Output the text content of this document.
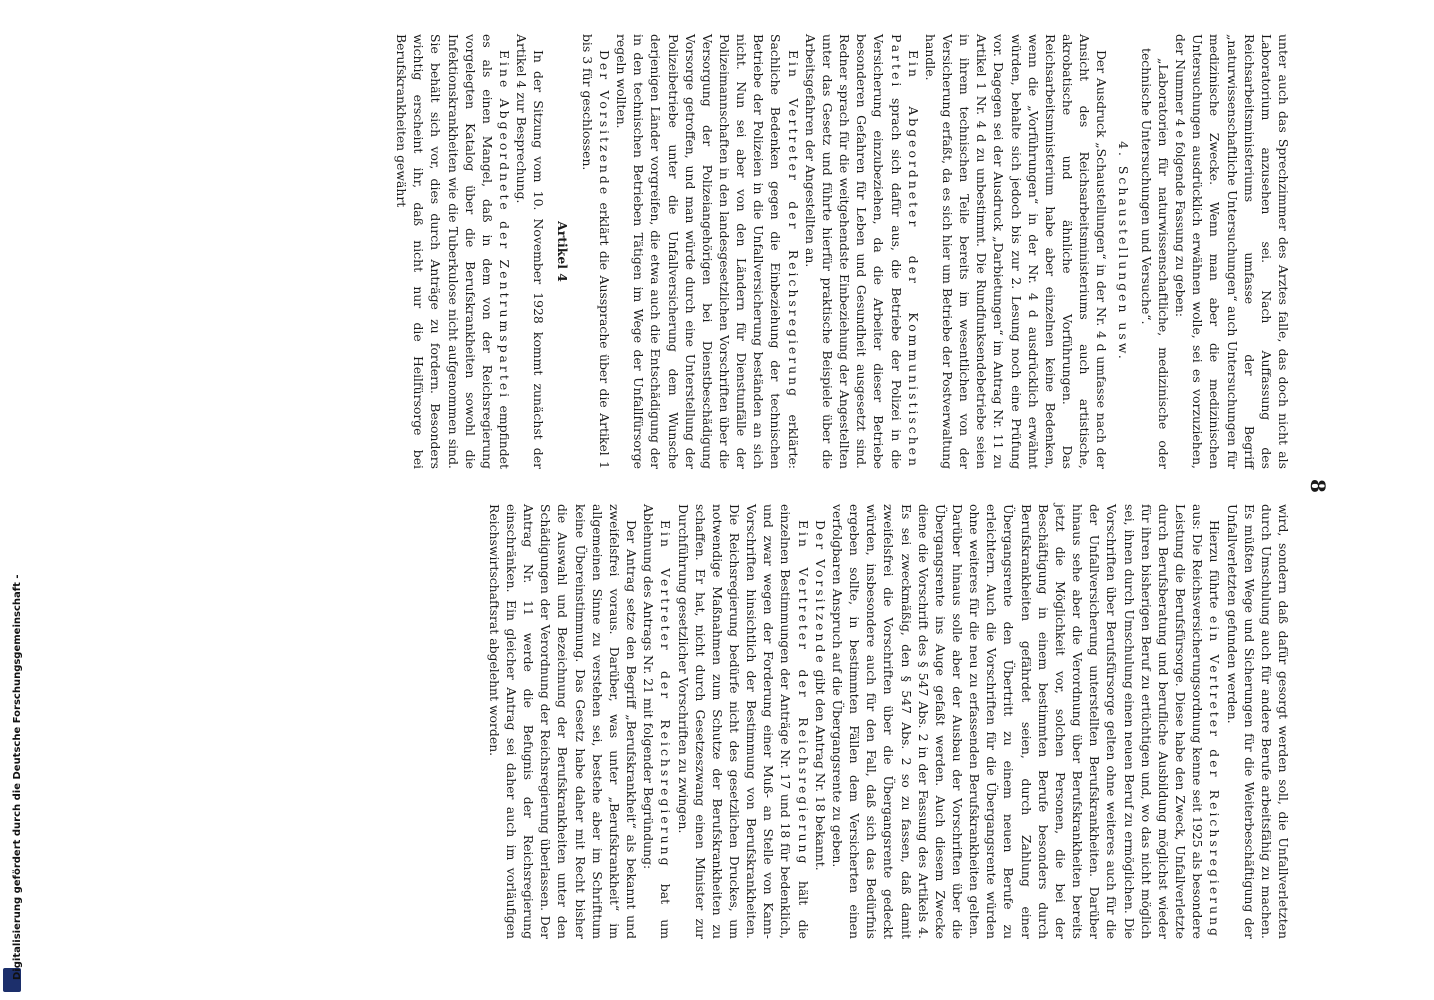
Digitalisierung gefördert durch die Deutsche Forschungsgemeinschaft -
8

unter auch das Sprechzimmer des Arztes falle, das doch nicht als Laboratorium anzusehen sei. Nach Auffassung des Reichsarbeitsministeriums umfasse der Begriff „naturwissenschaftliche Untersuchungen“ auch Untersuchungen für medizinische Zwecke. Wenn man aber die medizinischen Untersuchungen ausdrücklich erwähnen wolle, sei es vorzuziehen, der Nummer 4 e folgende Fassung zu geben:

„Laboratorien für naturwissenschaftliche, medizinische oder technische Untersuchungen und Versuche“.

4. Schaustellungen usw.

Der Ausdruck „Schaustellungen“ in der Nr. 4 d umfasse nach der Ansicht des Reichsarbeitsministeriums auch artistische, akrobatische und ähnliche Vorführungen. Das Reichsarbeitsministerium habe aber einzelnen keine Bedenken, wenn die „Vorführungen“ in der Nr. 4 d ausdrücklich erwähnt würden, behalte sich jedoch bis zur 2. Lesung noch eine Prüfung vor. Dagegen sei der Ausdruck „Darbietungen“ im Antrag Nr. 11 zu Artikel 1 Nr. 4 d zu unbestimmt. Die Rundfunksendebetriebe seien in ihrem technischen Teile bereits im wesentlichen von der Versicherung erfaßt, da es sich hier um Betriebe der Postverwaltung handle.

Ein Abgeordneter der Kommunistischen Partei sprach sich dafür aus, die Betriebe der Polizei in die Versicherung einzubeziehen, da die Arbeiter dieser Betriebe besonderen Gefahren für Leben und Gesundheit ausgesetzt sind. Redner sprach für die weitgehendste Einbeziehung der Angestellten unter das Gesetz und führte hierfür praktische Beispiele über die Arbeitsgefahren der Angestellten an.

Ein Vertreter der Reichsregierung erklärte: Sachliche Bedenken gegen die Einbeziehung der technischen Betriebe der Polizeien in die Unfallversicherung beständen an sich nicht. Nun sei aber von den Ländern für Dienstunfälle der Polizeimannschaften in den landesgesetzlichen Vorschriften über die Versorgung der Polizeiangehörigen bei Dienstbeschädigung Vorsorge getroffen, und man würde durch eine Unterstellung der Polizeibetriebe unter die Unfallversicherung dem Wunsche derjenigen Länder vorgreifen, die etwa auch die Entschädigung der in den technischen Betrieben Tätigen im Wege der Unfallfürsorge regeln wollten.

Der Vorsitzende erklärt die Aussprache über die Artikel 1 bis 3 für geschlossen.

Artikel 4

In der Sitzung vom 10. November 1928 kommt zunächst der Artikel 4 zur Besprechung.

Eine Abgeordnete der Zentrumspartei empfindet es als einen Mangel, daß in dem von der Reichsregierung vorgelegten Katalog über die Berufskrankheiten sowohl die Infektionskrankheiten wie die Tuberkulose nicht aufgenommen sind. Sie behält sich vor, dies durch Anträge zu fordern. Besonders wichtig erscheint ihr, daß nicht nur die Heilfürsorge bei Berufskrankheiten gewährt

wird, sondern daß dafür gesorgt werden soll, die Unfallverletzten durch Umschulung auch für andere Berufe arbeitsfähig zu machen. Es müßten Wege und Sicherungen für die Weiterbeschäftigung der Unfallverletzten gefunden werden.

Hierzu führte ein Vertreter der Reichsregierung aus: Die Reichsversicherungsordnung kenne seit 1925 als besondere Leistung die Berufsfürsorge. Diese habe den Zweck, Unfallverletzte durch Berufsberatung und berufliche Ausbildung möglichst wieder für ihren bisherigen Beruf zu ertüchtigen und, wo das nicht möglich sei, ihnen durch Umschulung einen neuen Beruf zu ermöglichen. Die Vorschriften über Berufsfürsorge gelten ohne weiteres auch für die der Unfallversicherung unterstellten Berufskrankheiten. Darüber hinaus sehe aber die Verordnung über Berufskrankheiten bereits jetzt die Möglichkeit vor, solchen Personen, die bei der Beschäftigung in einem bestimmten Berufe besonders durch Berufskrankheiten gefährdet seien, durch Zahlung einer Übergangsrente den Übertritt zu einem neuen Berufe zu erleichtern. Auch die Vorschriften für die Übergangsrente würden ohne weiteres für die neu zu erfassenden Berufskrankheiten gelten. Darüber hinaus solle aber der Ausbau der Vorschriften über die Übergangsrente ins Auge gefaßt werden. Auch diesem Zwecke diene die Vorschrift des § 547 Abs. 2 in der Fassung des Artikels 4. Es sei zweckmäßig, den § 547 Abs. 2 so zu fassen, daß damit zweifelsfrei die Vorschriften über die Übergangsrente gedeckt würden, insbesondere auch für den Fall, daß sich das Bedürfnis ergeben sollte, in bestimmten Fällen dem Versicherten einen verfolgbaren Anspruch auf die Übergangsrente zu geben.

Der Vorsitzende gibt den Antrag Nr. 18 bekannt.

Ein Vertreter der Reichsregierung hält die einzelnen Bestimmungen der Anträge Nr. 17 und 18 für bedenklich, und zwar wegen der Forderung einer Muß- an Stelle von Kann-Vorschriften hinsichtlich der Bestimmung von Berufskrankheiten. Die Reichsregierung bedürfe nicht des gesetzlichen Druckes, um notwendige Maßnahmen zum Schutze der Berufskrankheiten zu schaffen. Er hat, nicht durch Gesetzeszwang einen Minister zur Durchführung gesetzlicher Vorschriften zu zwingen.

Ein Vertreter der Reichsregierung bat um Ablehnung des Antrags Nr. 21 mit folgender Begründung:

Der Antrag setze den Begriff „Berufskrankheit“ als bekannt und zweifelsfrei voraus. Darüber, was unter „Berufskrankheit“ im allgemeinen Sinne zu verstehen sei, bestehe aber im Schrifttum keine Übereinstimmung. Das Gesetz habe daher mit Recht bisher die Auswahl und Bezeichnung der Berufskrankheiten unter den Schädigungen der Verordnung der Reichsregierung überlassen. Der Antrag Nr. 11 werde die Befugnis der Reichsregierung einschränken. Ein gleicher Antrag sei daher auch im vorläufigen Reichswirtschaftsrat abgelehnt worden.
